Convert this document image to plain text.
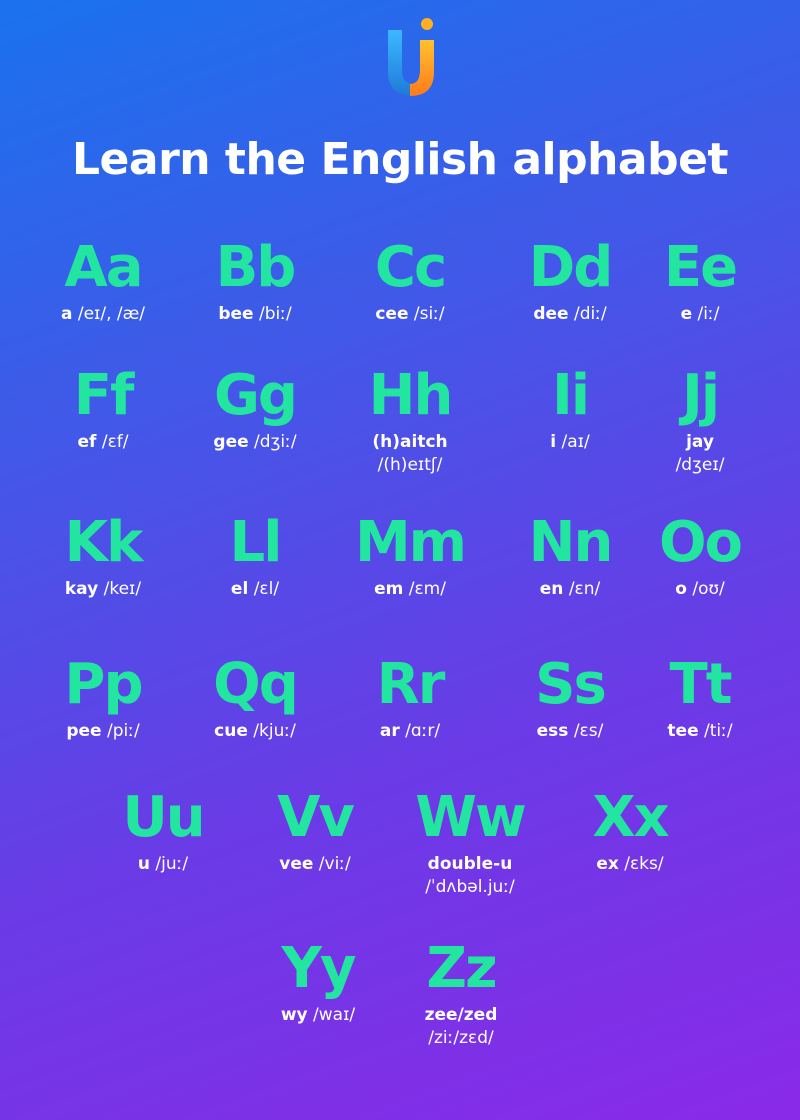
Learn the English alphabet
Aa
a /eɪ/, /æ/
Bb
bee /biː/
Cc
cee /siː/
Dd
dee /diː/
Ee
e /iː/
Ff
ef /ɛf/
Gg
gee /dʒiː/
Hh
(h)aitch
/(h)eɪtʃ/
Ii
i /aɪ/
Jj
jay
/dʒeɪ/
Kk
kay /keɪ/
Ll
el /ɛl/
Mm
em /ɛm/
Nn
en /ɛn/
Oo
o /oʊ/
Pp
pee /piː/
Qq
cue /kjuː/
Rr
ar /ɑːr/
Ss
ess /ɛs/
Tt
tee /tiː/
Uu
u /juː/
Vv
vee /viː/
Ww
double-u
/ˈdʌbəl.juː/
Xx
ex /ɛks/
Yy
wy /waɪ/
Zz
zee/zed
/ziː/zɛd/
